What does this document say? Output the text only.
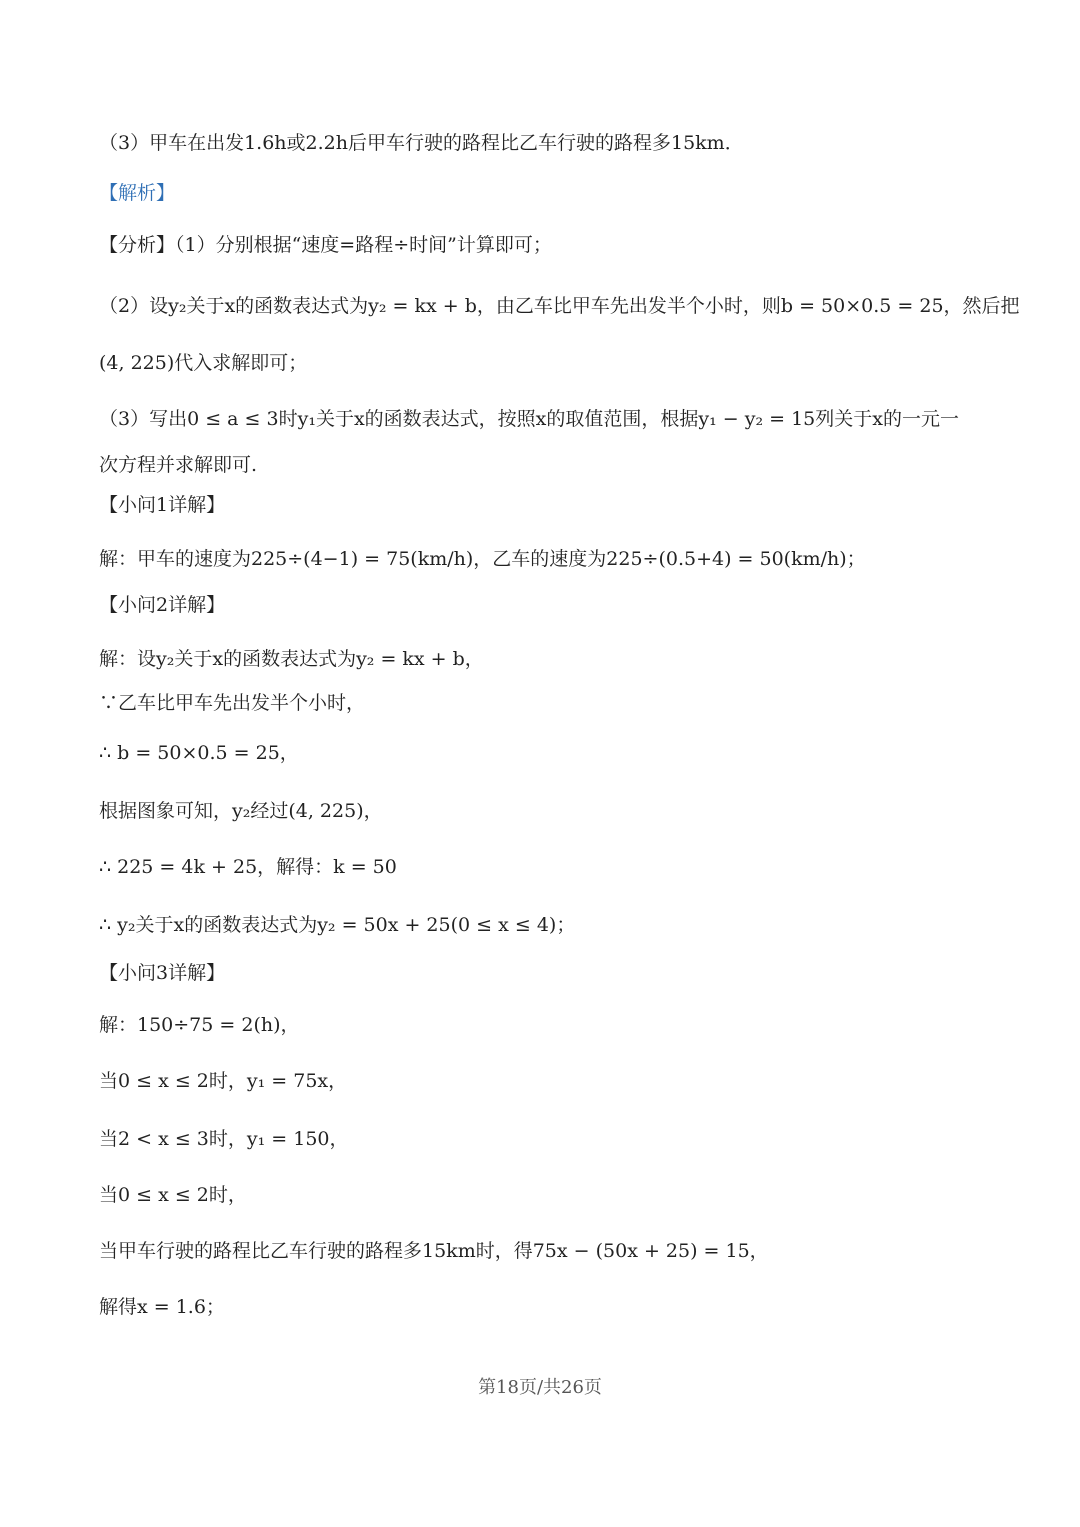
（3）甲车在出发1.6h或2.2h后甲车行驶的路程比乙车行驶的路程多15km．
【解析】
【分析】（1）分别根据“速度=路程÷时间”计算即可；
（2）设y₂关于x的函数表达式为y₂ = kx + b，由乙车比甲车先出发半个小时，则b = 50×0.5 = 25，然后把
(4, 225)代入求解即可；
（3）写出0 ≤ a ≤ 3时y₁关于x的函数表达式，按照x的取值范围，根据y₁ − y₂ = 15列关于x的一元一
次方程并求解即可.
【小问1详解】
解：甲车的速度为225÷(4−1) = 75(km/h)，乙车的速度为225÷(0.5+4) = 50(km/h)；
【小问2详解】
解：设y₂关于x的函数表达式为y₂ = kx + b，
∵乙车比甲车先出发半个小时，
∴ b = 50×0.5 = 25，
根据图象可知，y₂经过(4, 225)，
∴ 225 = 4k + 25，解得：k = 50
∴ y₂关于x的函数表达式为y₂ = 50x + 25(0 ≤ x ≤ 4)；
【小问3详解】
解：150÷75 = 2(h)，
当0 ≤ x ≤ 2时，y₁ = 75x，
当2 < x ≤ 3时，y₁ = 150，
当0 ≤ x ≤ 2时，
当甲车行驶的路程比乙车行驶的路程多15km时，得75x − (50x + 25) = 15，
解得x = 1.6；
第18页/共26页
